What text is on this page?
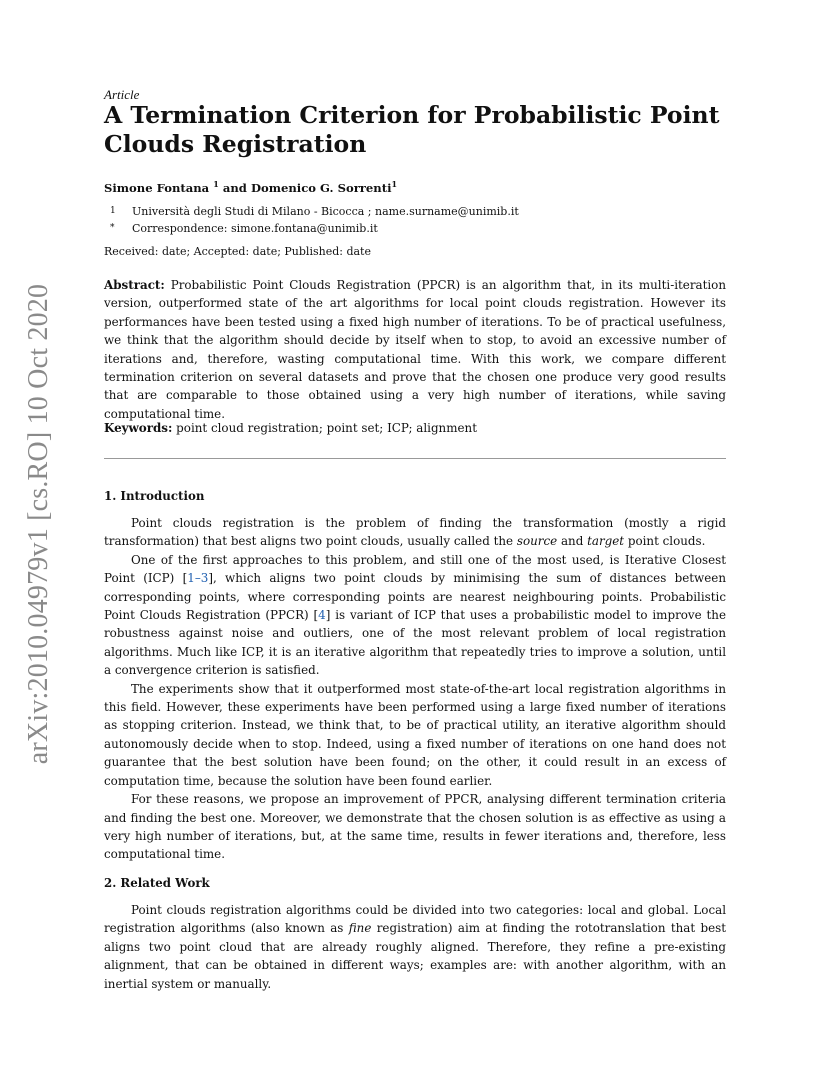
arXiv:2010.04979v1 [cs.RO] 10 Oct 2020
Article
A Termination Criterion for Probabilistic Point Clouds Registration
Simone Fontana $^1$ and Domenico G. Sorrenti$^1$
1	Università degli Studi di Milano - Bicocca ; name.surname@unimib.it
*	Correspondence: simone.fontana@unimib.it
Received: date; Accepted: date; Published: date

Abstract: Probabilistic Point Clouds Registration (PPCR) is an algorithm that, in its multi-iteration version, outperformed state of the art algorithms for local point clouds registration. However its performances have been tested using a fixed high number of iterations. To be of practical usefulness, we think that the algorithm should decide by itself when to stop, to avoid an excessive number of iterations and, therefore, wasting computational time. With this work, we compare different termination criterion on several datasets and prove that the chosen one produce very good results that are comparable to those obtained using a very high number of iterations, while saving computational time.

Keywords: point cloud registration; point set; ICP; alignment
1. Introduction

Point clouds registration is the problem of finding the transformation (mostly a rigid transformation) that best aligns two point clouds, usually called the source and target point clouds.

One of the first approaches to this problem, and still one of the most used, is Iterative Closest Point (ICP) [1–3], which aligns two point clouds by minimising the sum of distances between corresponding points, where corresponding points are nearest neighbouring points. Probabilistic Point Clouds Registration (PPCR) [4] is variant of ICP that uses a probabilistic model to improve the robustness against noise and outliers, one of the most relevant problem of local registration algorithms. Much like ICP, it is an iterative algorithm that repeatedly tries to improve a solution, until a convergence criterion is satisfied.

The experiments show that it outperformed most state-of-the-art local registration algorithms in this field. However, these experiments have been performed using a large fixed number of iterations as stopping criterion. Instead, we think that, to be of practical utility, an iterative algorithm should autonomously decide when to stop. Indeed, using a fixed number of iterations on one hand does not guarantee that the best solution have been found; on the other, it could result in an excess of computation time, because the solution have been found earlier.

For these reasons, we propose an improvement of PPCR, analysing different termination criteria and finding the best one. Moreover, we demonstrate that the chosen solution is as effective as using a very high number of iterations, but, at the same time, results in fewer iterations and, therefore, less computational time.

2. Related Work

Point clouds registration algorithms could be divided into two categories: local and global. Local registration algorithms (also known as fine registration) aim at finding the rototranslation that best aligns two point cloud that are already roughly aligned. Therefore, they refine a pre-existing alignment, that can be obtained in different ways; examples are: with another algorithm, with an inertial system or manually.
